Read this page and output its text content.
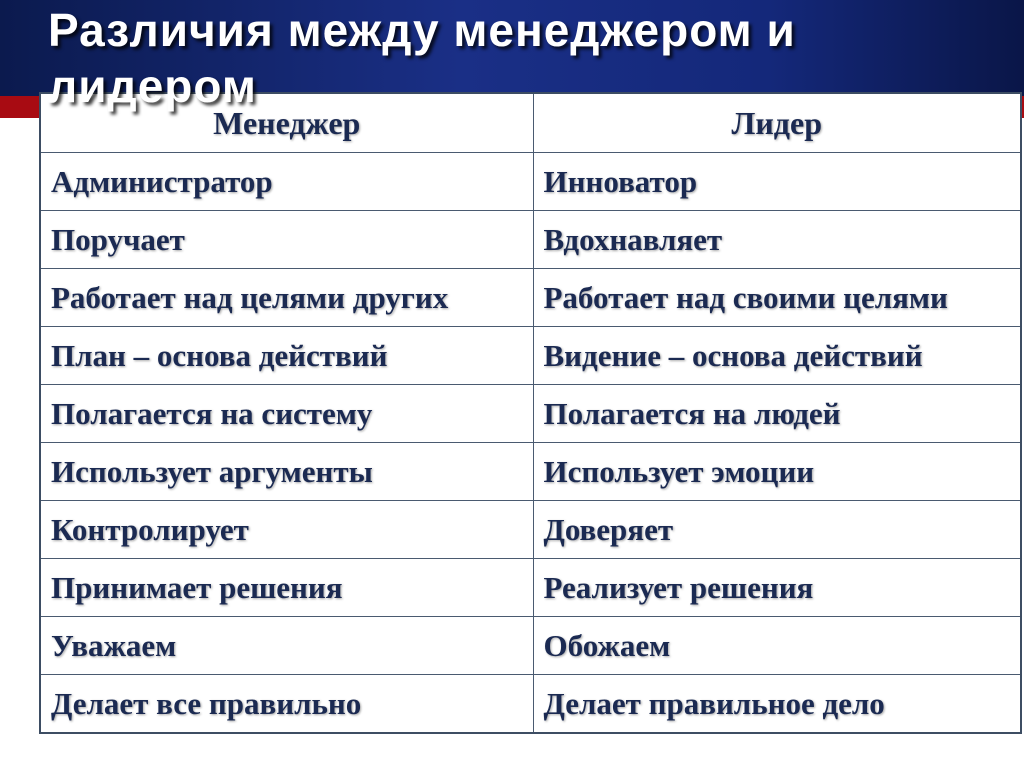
Менеджер	Лидер
Администратор	Инноватор
Поручает	Вдохнавляет
Работает над целями других	Работает над своими целями
План – основа действий	Видение – основа действий
Полагается на систему	Полагается на людей
Использует аргументы	Использует эмоции
Контролирует	Доверяет
Принимает решения	Реализует решения
Уважаем	Обожаем
Делает все правильно	Делает правильное дело
Различия между менеджером и лидером
